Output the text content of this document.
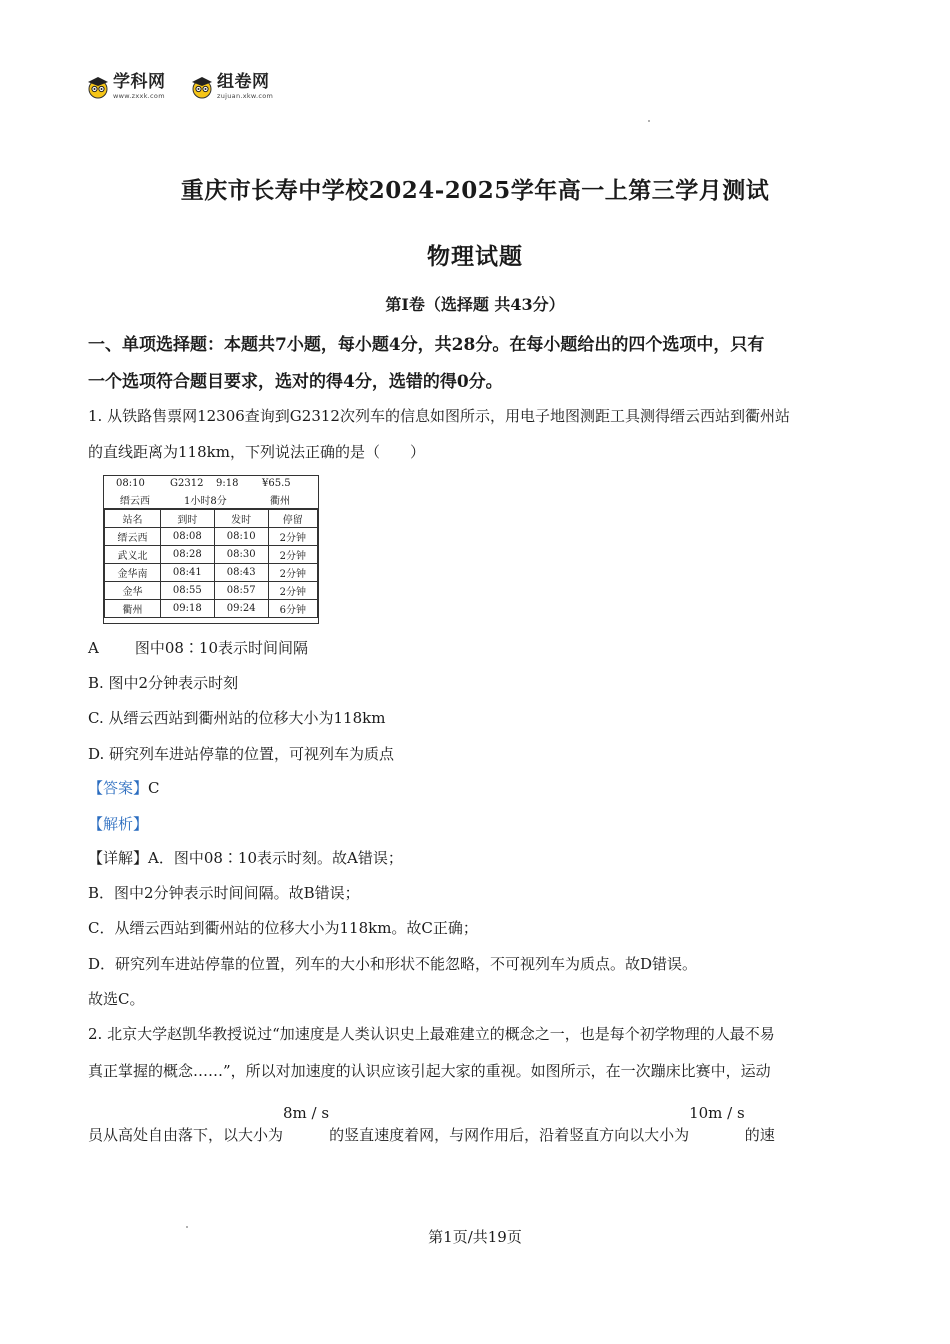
学科网
www.zxxk.com
组卷网
zujuan.xkw.com
重庆市长寿中学校2024-2025学年高一上第三学月测试
物理试题
第I卷（选择题 共43分）
一、单项选择题：本题共7小题，每小题4分，共28分。在每小题给出的四个选项中，只有
一个选项符合题目要求，选对的得4分，选错的得0分。
1. 从铁路售票网12306查询到G2312次列车的信息如图所示，用电子地图测距工具测得缙云西站到衢州站
的直线距离为118km，下列说法正确的是（　　）
08:10	G2312 9:18 ¥65.5
缙云西	1小时8分	衢州
站名	到时	发时	停留
缙云西	08:08	08:10	2分钟
武义北	08:28	08:30	2分钟
金华南	08:41	08:43	2分钟
金华	08:55	08:57	2分钟
衢州	09:18	09:24	6分钟
A 图中08∶10表示时间间隔
B. 图中2分钟表示时刻
C. 从缙云西站到衢州站的位移大小为118km
D. 研究列车进站停靠的位置，可视列车为质点
【答案】C
【解析】
【详解】A．图中08∶10表示时刻。故A错误；
B．图中2分钟表示时间间隔。故B错误；
C．从缙云西站到衢州站的位移大小为118km。故C正确；
D．研究列车进站停靠的位置，列车的大小和形状不能忽略，不可视列车为质点。故D错误。
故选C。
2. 北京大学赵凯华教授说过“加速度是人类认识史上最难建立的概念之一，也是每个初学物理的人最不易
真正掌握的概念……”，所以对加速度的认识应该引起大家的重视。如图所示，在一次蹦床比赛中，运动
员从高处自由落下，以大小为8m / s的竖直速度着网，与网作用后，沿着竖直方向以大小为10m / s的速
第1页/共19页
